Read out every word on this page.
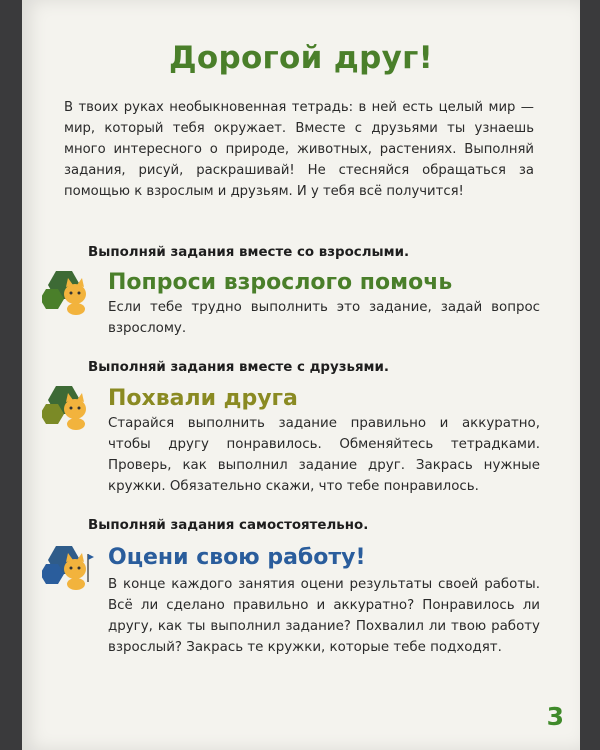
Дорогой друг!

В твоих руках необыкновенная тетрадь: в ней есть целый мир — мир, который тебя окружает. Вместе с друзьями ты узнаешь много интересного о природе, животных, растениях. Выполняй задания, рисуй, раскрашивай! Не стесняйся обращаться за помощью к взрослым и друзьям. И у тебя всё получится!

Выполняй задания вместе со взрослыми.

Попроси взрослого помочь

Если тебе трудно выполнить это задание, задай вопрос взрослому.

Выполняй задания вместе с друзьями.

Похвали друга

Старайся выполнить задание правильно и аккуратно, чтобы другу понравилось. Обменяйтесь тетрадками. Проверь, как выполнил задание друг. Закрась нужные кружки. Обязательно скажи, что тебе понравилось.

Выполняй задания самостоятельно.

Оцени свою работу!

В конце каждого занятия оцени результаты своей работы. Всё ли сделано правильно и аккуратно? Понравилось ли другу, как ты выполнил задание? Похвалил ли твою работу взрослый? Закрась те кружки, которые тебе подходят.

3
